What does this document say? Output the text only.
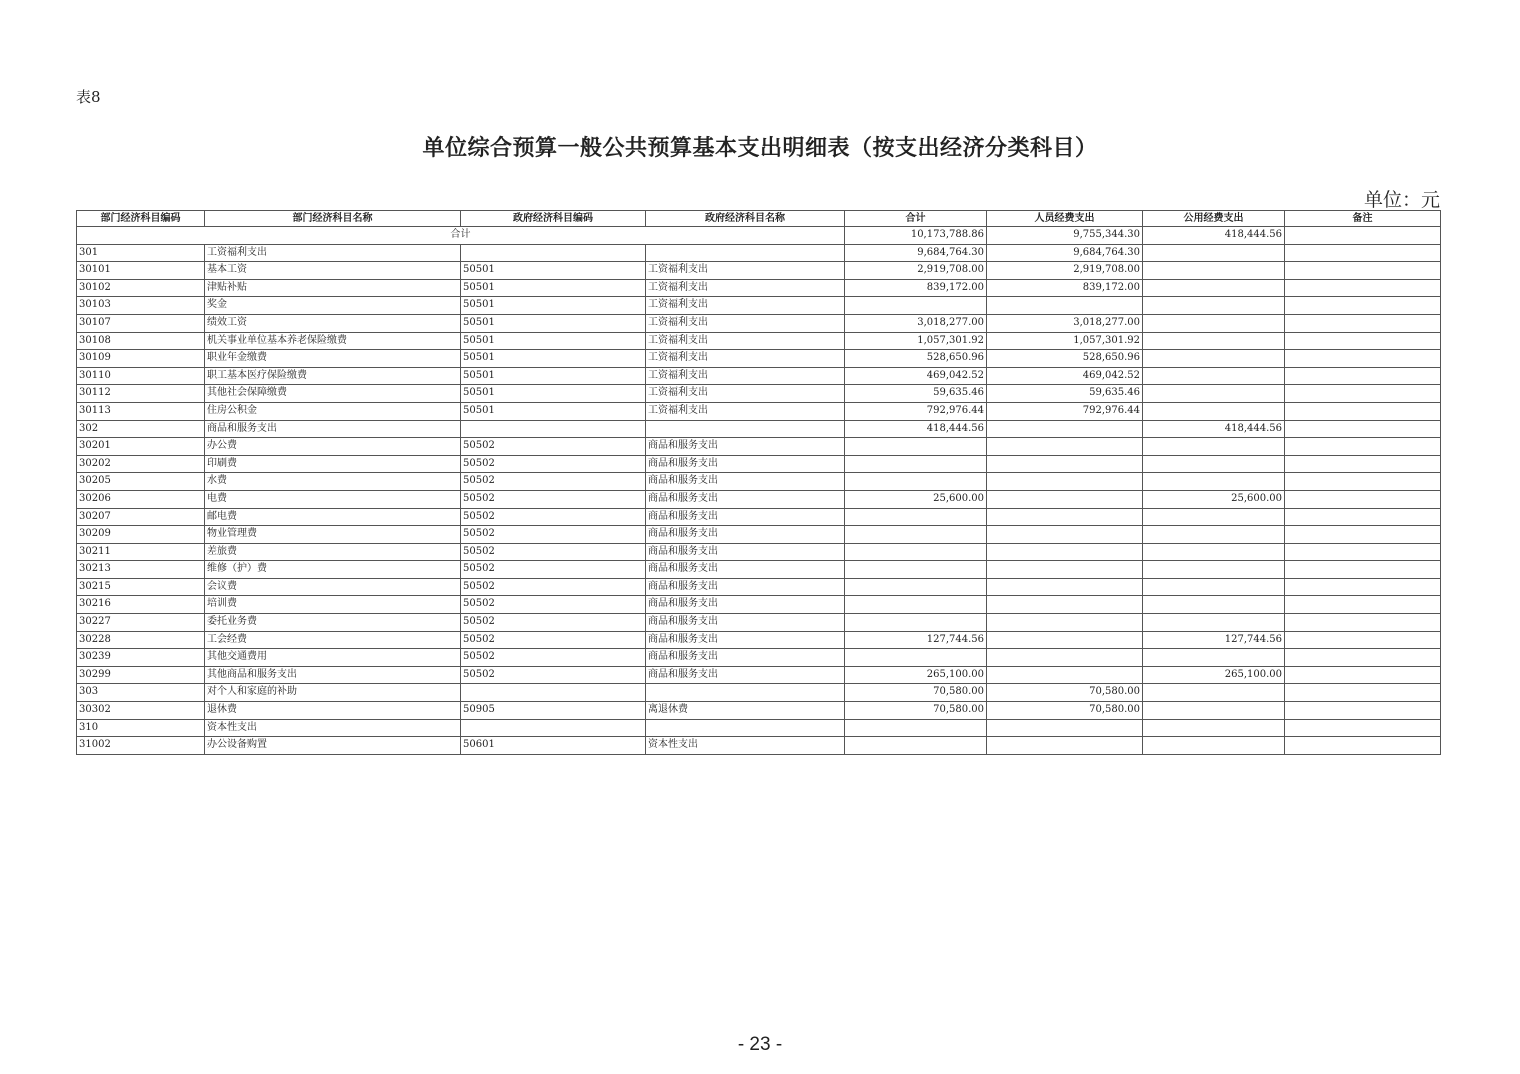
表8
单位综合预算一般公共预算基本支出明细表（按支出经济分类科目）
单位：元
部门经济科目编码	部门经济科目名称	政府经济科目编码	政府经济科目名称	合计	人员经费支出	公用经费支出	备注
合计				10,173,788.86	9,755,344.30	418,444.56	
301	工资福利支出			9,684,764.30	9,684,764.30		
30101	基本工资	50501	工资福利支出	2,919,708.00	2,919,708.00		
30102	津贴补贴	50501	工资福利支出	839,172.00	839,172.00		
30103	奖金	50501	工资福利支出				
30107	绩效工资	50501	工资福利支出	3,018,277.00	3,018,277.00		
30108	机关事业单位基本养老保险缴费	50501	工资福利支出	1,057,301.92	1,057,301.92		
30109	职业年金缴费	50501	工资福利支出	528,650.96	528,650.96		
30110	职工基本医疗保险缴费	50501	工资福利支出	469,042.52	469,042.52		
30112	其他社会保障缴费	50501	工资福利支出	59,635.46	59,635.46		
30113	住房公积金	50501	工资福利支出	792,976.44	792,976.44		
302	商品和服务支出			418,444.56		418,444.56	
30201	办公费	50502	商品和服务支出				
30202	印刷费	50502	商品和服务支出				
30205	水费	50502	商品和服务支出				
30206	电费	50502	商品和服务支出	25,600.00		25,600.00	
30207	邮电费	50502	商品和服务支出				
30209	物业管理费	50502	商品和服务支出				
30211	差旅费	50502	商品和服务支出				
30213	维修（护）费	50502	商品和服务支出				
30215	会议费	50502	商品和服务支出				
30216	培训费	50502	商品和服务支出				
30227	委托业务费	50502	商品和服务支出				
30228	工会经费	50502	商品和服务支出	127,744.56		127,744.56	
30239	其他交通费用	50502	商品和服务支出				
30299	其他商品和服务支出	50502	商品和服务支出	265,100.00		265,100.00	
303	对个人和家庭的补助			70,580.00	70,580.00		
30302	退休费	50905	离退休费	70,580.00	70,580.00		
310	资本性支出						
31002	办公设备购置	50601	资本性支出				
- 23 -
